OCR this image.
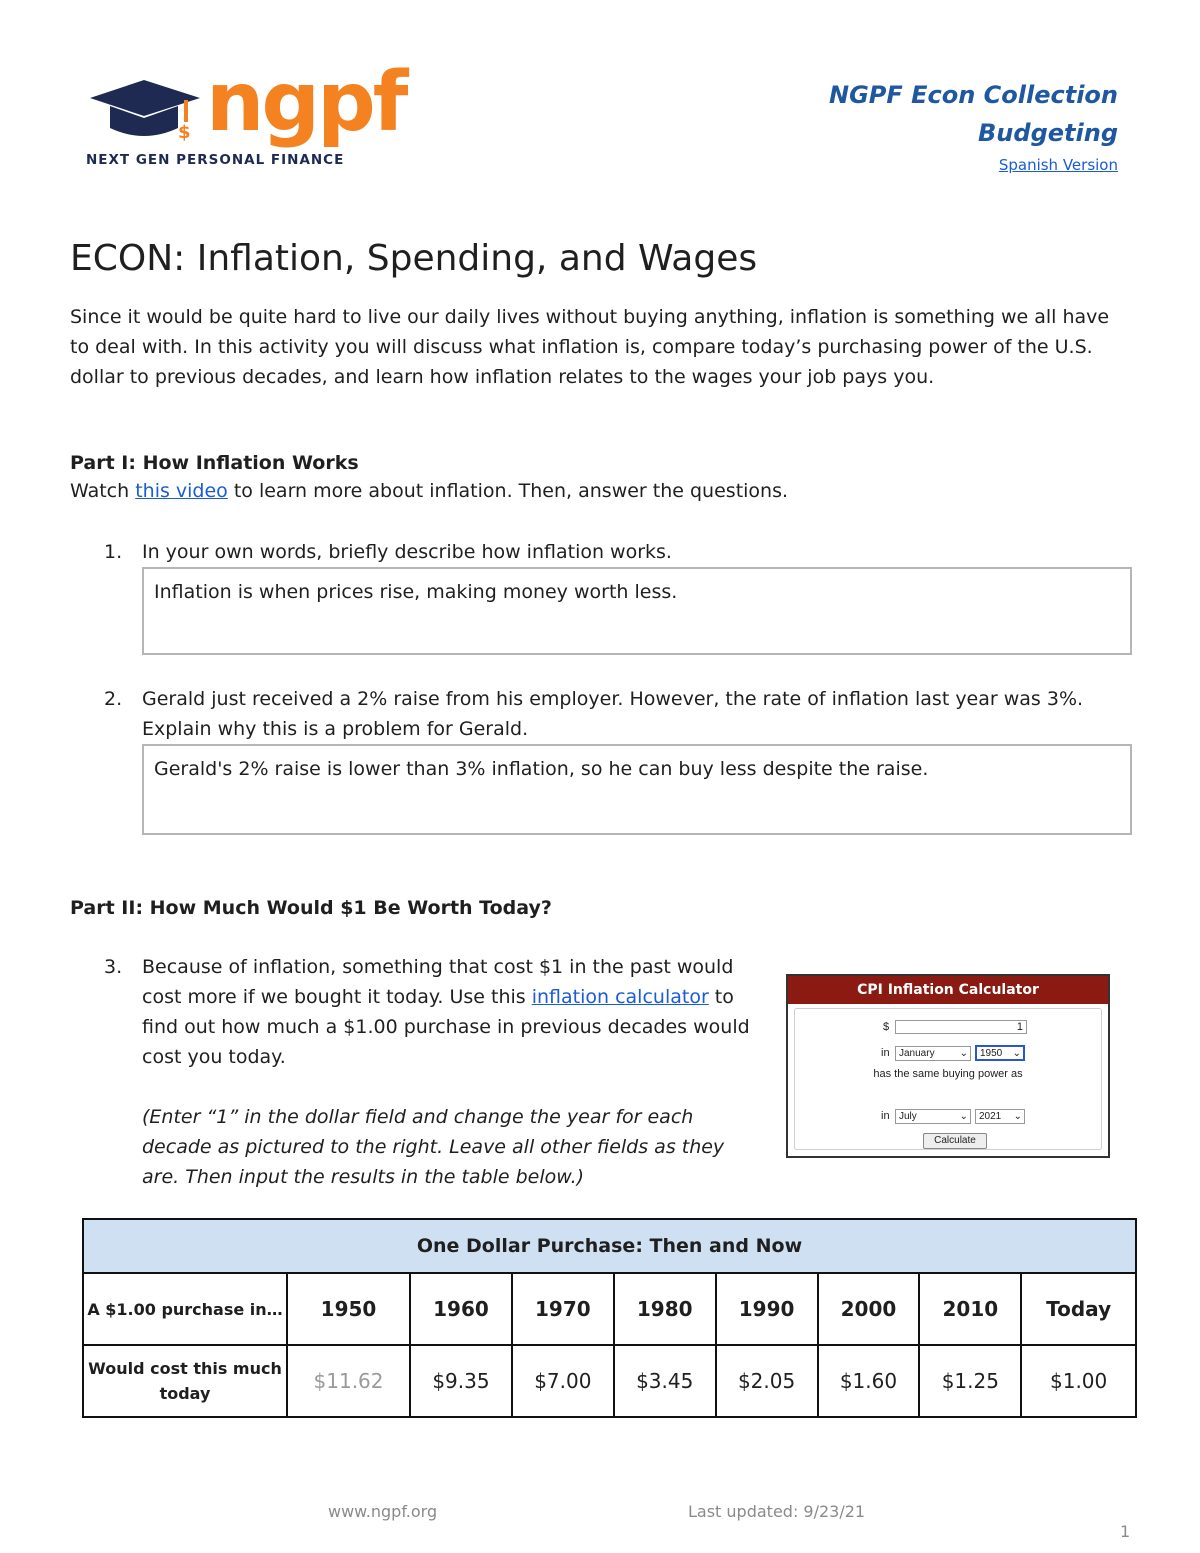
$ ngpf
NEXT GEN PERSONAL FINANCE
NGPF Econ Collection
Budgeting
Spanish Version
ECON: Inflation, Spending, and Wages

Since it would be quite hard to live our daily lives without buying anything, inflation is something we all have to deal with. In this activity you will discuss what inflation is, compare today’s purchasing power of the U.S. dollar to previous decades, and learn how inflation relates to the wages your job pays you.

Part I: How Inflation Works

Watch this video to learn more about inflation. Then, answer the questions.

1. In your own words, briefly describe how inflation works.

Inflation is when prices rise, making money worth less.
2. Gerald just received a 2% raise from his employer. However, the rate of inflation last year was 3%. Explain why this is a problem for Gerald.

Gerald's 2% raise is lower than 3% inflation, so he can buy less despite the raise.

Part II: How Much Would $1 Be Worth Today?

3. Because of inflation, something that cost $1 in the past would cost more if we bought it today. Use this inflation calculator to find out how much a $1.00 purchase in previous decades would cost you today.

(Enter “1” in the dollar field and change the year for each decade as pictured to the right. Leave all other fields as they are. Then input the results in the table below.)

CPI Inflation Calculator
$	1
in January	⌄	1950 ⌄
has the same buying power as
in July	⌄	2021 ⌄
Calculate
One Dollar Purchase: Then and Now								
A $1.00 purchase in…	1950	1960	1970	1980	1990	2000	2010	Today
Would cost this much today	$11.62	$9.35	$7.00	$3.45	$2.05	$1.60	$1.25	$1.00
www.ngpf.org	Last updated: 9/23/21
1
